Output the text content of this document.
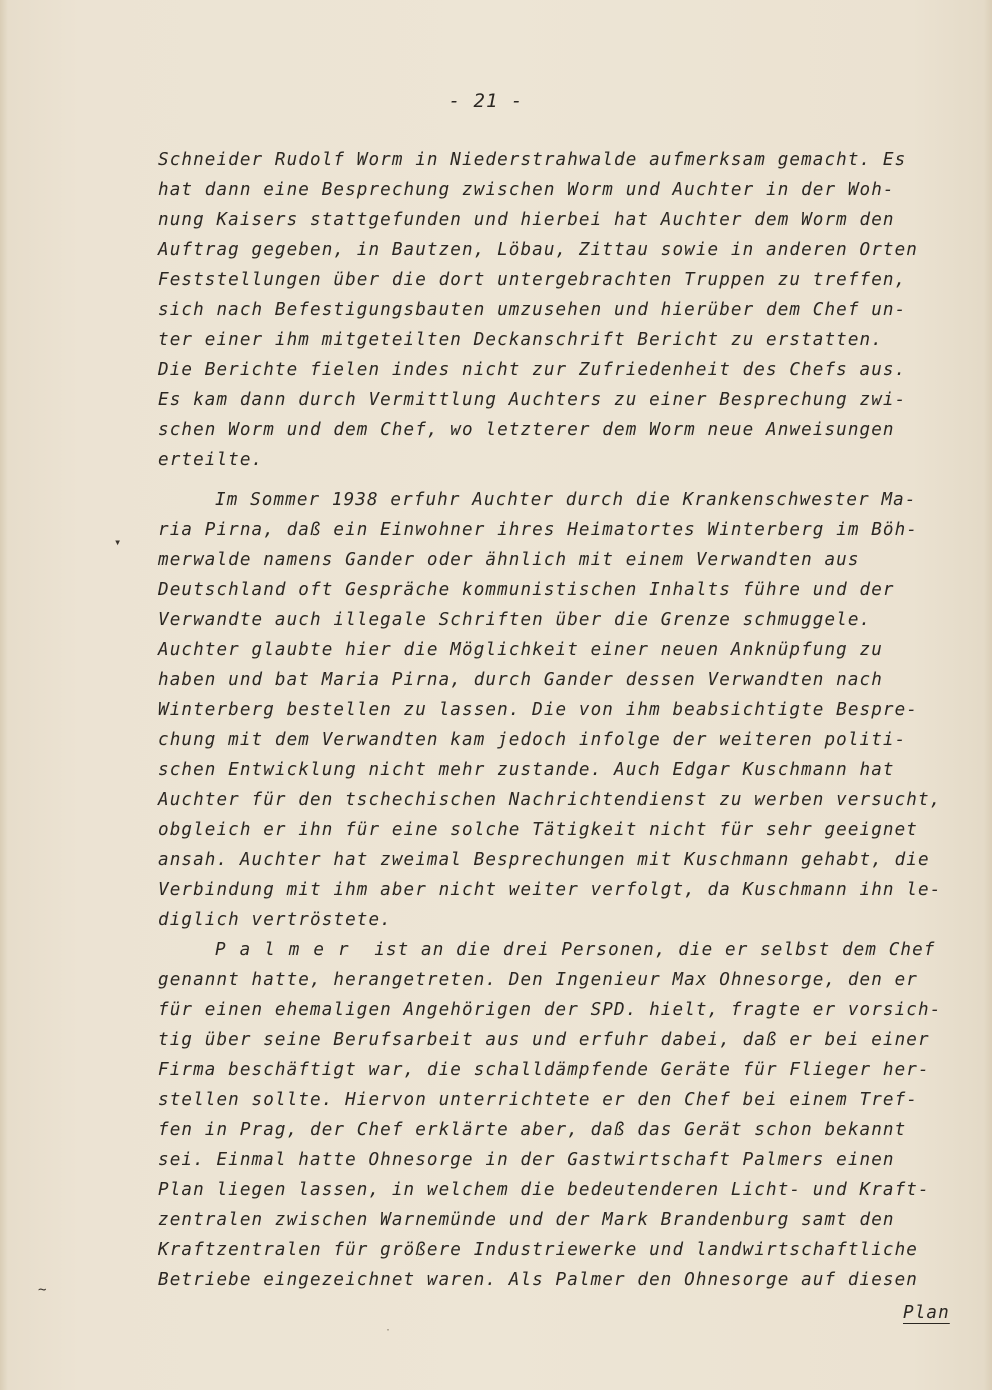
- 21 -
Schneider Rudolf Worm in Niederstrahwalde aufmerksam gemacht. Es
hat dann eine Besprechung zwischen Worm und Auchter in der Woh-
nung Kaisers stattgefunden und hierbei hat Auchter dem Worm den
Auftrag gegeben, in Bautzen, Löbau, Zittau sowie in anderen Orten
Feststellungen über die dort untergebrachten Truppen zu treffen,
sich nach Befestigungsbauten umzusehen und hierüber dem Chef un-
ter einer ihm mitgeteilten Deckanschrift Bericht zu erstatten.
Die Berichte fielen indes nicht zur Zufriedenheit des Chefs aus.
Es kam dann durch Vermittlung Auchters zu einer Besprechung zwi-
schen Worm und dem Chef, wo letzterer dem Worm neue Anweisungen
erteilte.
Im Sommer 1938 erfuhr Auchter durch die Krankenschwester Ma-
ria Pirna, daß ein Einwohner ihres Heimatortes Winterberg im Böh-
merwalde namens Gander oder ähnlich mit einem Verwandten aus
Deutschland oft Gespräche kommunistischen Inhalts führe und der
Verwandte auch illegale Schriften über die Grenze schmuggele.
Auchter glaubte hier die Möglichkeit einer neuen Anknüpfung zu
haben und bat Maria Pirna, durch Gander dessen Verwandten nach
Winterberg bestellen zu lassen. Die von ihm beabsichtigte Bespre-
chung mit dem Verwandten kam jedoch infolge der weiteren politi-
schen Entwicklung nicht mehr zustande. Auch Edgar Kuschmann hat
Auchter für den tschechischen Nachrichtendienst zu werben versucht,
obgleich er ihn für eine solche Tätigkeit nicht für sehr geeignet
ansah. Auchter hat zweimal Besprechungen mit Kuschmann gehabt, die
Verbindung mit ihm aber nicht weiter verfolgt, da Kuschmann ihn le-
diglich vertröstete.
Palmer ist an die drei Personen, die er selbst dem Chef
genannt hatte, herangetreten. Den Ingenieur Max Ohnesorge, den er
für einen ehemaligen Angehörigen der SPD. hielt, fragte er vorsich-
tig über seine Berufsarbeit aus und erfuhr dabei, daß er bei einer
Firma beschäftigt war, die schalldämpfende Geräte für Flieger her-
stellen sollte. Hiervon unterrichtete er den Chef bei einem Tref-
fen in Prag, der Chef erklärte aber, daß das Gerät schon bekannt
sei. Einmal hatte Ohnesorge in der Gastwirtschaft Palmers einen
Plan liegen lassen, in welchem die bedeutenderen Licht- und Kraft-
zentralen zwischen Warnemünde und der Mark Brandenburg samt den
Kraftzentralen für größere Industriewerke und landwirtschaftliche
Betriebe eingezeichnet waren. Als Palmer den Ohnesorge auf diesen
Plan
▾
~
·
